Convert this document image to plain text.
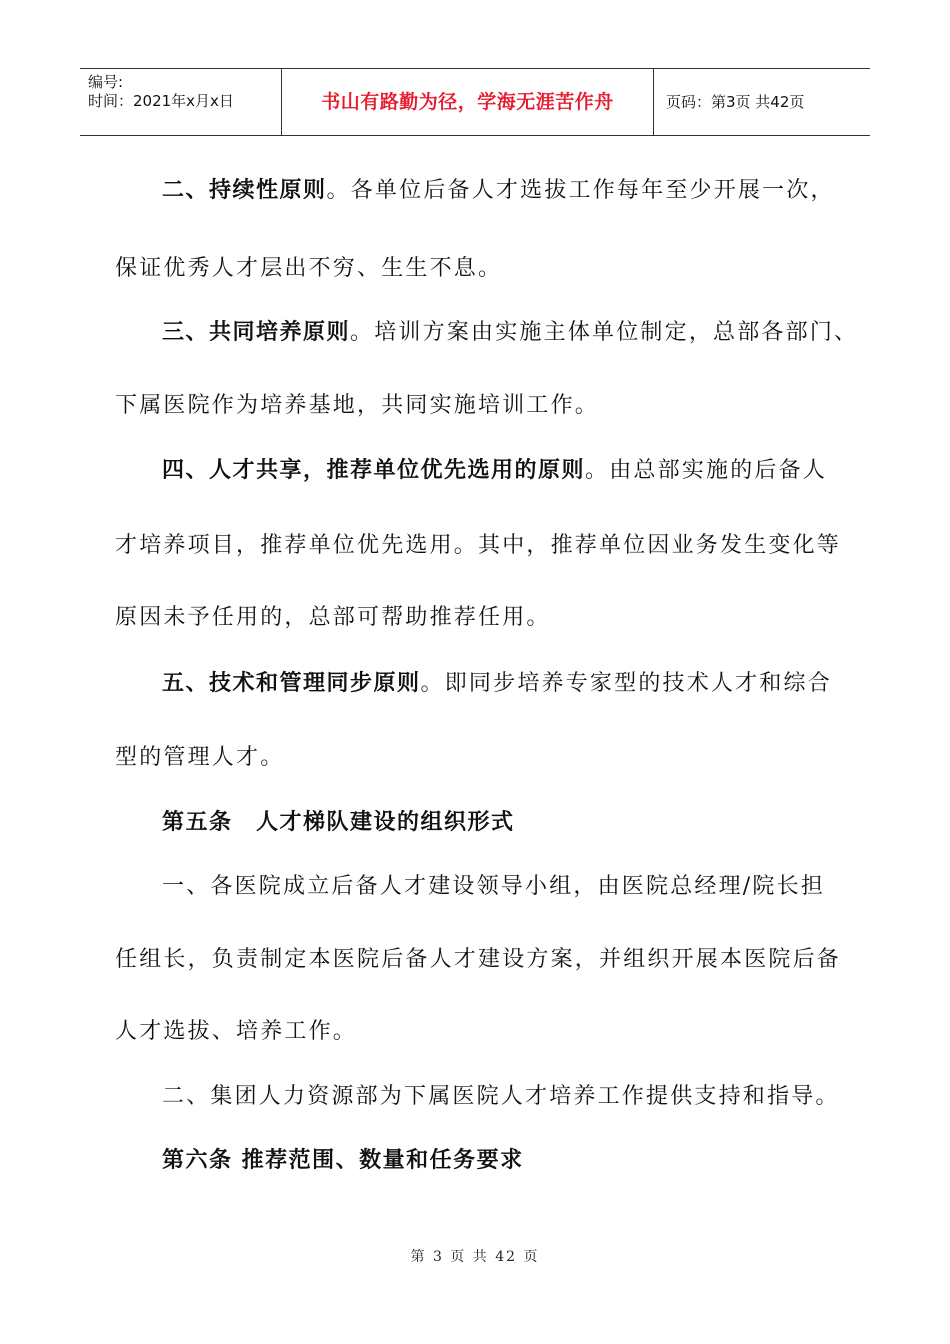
编号:
时间：2021年x月x日	书山有路勤为径，学海无涯苦作舟	页码：第3页 共42页
二、持续性原则。各单位后备人才选拔工作每年至少开展一次，
保证优秀人才层出不穷、生生不息。
三、共同培养原则。培训方案由实施主体单位制定，总部各部门、
下属医院作为培养基地，共同实施培训工作。
四、人才共享，推荐单位优先选用的原则。由总部实施的后备人
才培养项目，推荐单位优先选用。其中，推荐单位因业务发生变化等
原因未予任用的，总部可帮助推荐任用。
五、技术和管理同步原则。即同步培养专家型的技术人才和综合
型的管理人才。
第五条　人才梯队建设的组织形式
一、各医院成立后备人才建设领导小组，由医院总经理/院长担
任组长，负责制定本医院后备人才建设方案，并组织开展本医院后备
人才选拔、培养工作。
二、集团人力资源部为下属医院人才培养工作提供支持和指导。
第六条 推荐范围、数量和任务要求
第 3 页 共 42 页
